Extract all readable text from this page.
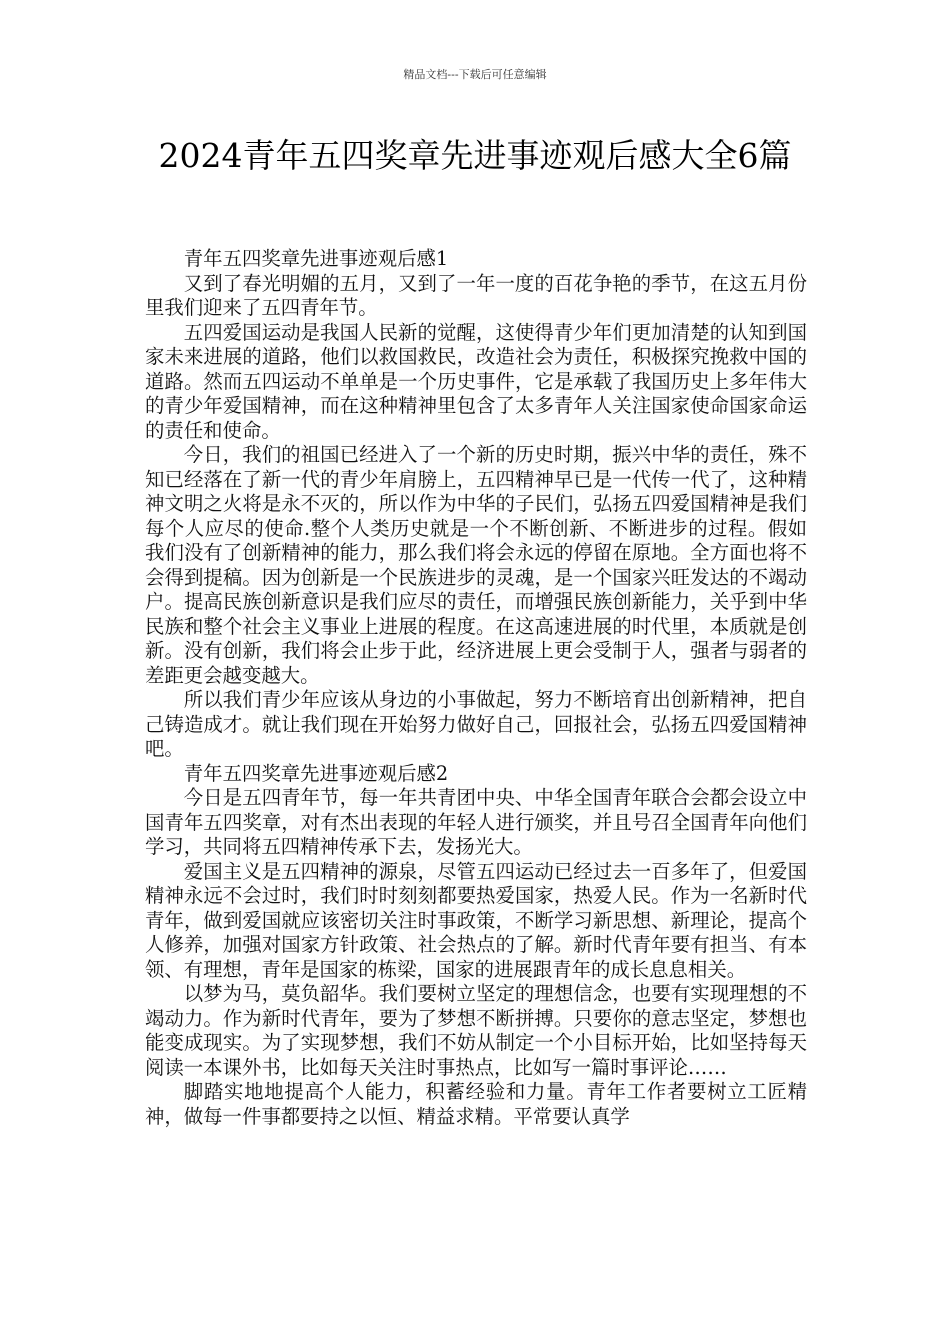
精品文档---下载后可任意编辑
2024青年五四奖章先进事迹观后感大全6篇

青年五四奖章先进事迹观后感1

又到了春光明媚的五月，又到了一年一度的百花争艳的季节，在这五月份里我们迎来了五四青年节。

五四爱国运动是我国人民新的觉醒，这使得青少年们更加清楚的认知到国家未来进展的道路，他们以救国救民，改造社会为责任，积极探究挽救中国的道路。然而五四运动不单单是一个历史事件，它是承载了我国历史上多年伟大的青少年爱国精神，而在这种精神里包含了太多青年人关注国家使命国家命运的责任和使命。

今日，我们的祖国已经进入了一个新的历史时期，振兴中华的责任，殊不知已经落在了新一代的青少年肩膀上，五四精神早已是一代传一代了，这种精神文明之火将是永不灭的，所以作为中华的子民们，弘扬五四爱国精神是我们每个人应尽的使命.整个人类历史就是一个不断创新、不断进步的过程。假如我们没有了创新精神的能力，那么我们将会永远的停留在原地。全方面也将不会得到提稿。因为创新是一个民族进步的灵魂，是一个国家兴旺发达的不竭动户。提高民族创新意识是我们应尽的责任，而增强民族创新能力，关乎到中华民族和整个社会主义事业上进展的程度。在这高速进展的时代里，本质就是创新。没有创新，我们将会止步于此，经济进展上更会受制于人，强者与弱者的差距更会越变越大。

所以我们青少年应该从身边的小事做起，努力不断培育出创新精神，把自己铸造成才。就让我们现在开始努力做好自己，回报社会，弘扬五四爱国精神吧。

青年五四奖章先进事迹观后感2

今日是五四青年节，每一年共青团中央、中华全国青年联合会都会设立中国青年五四奖章，对有杰出表现的年轻人进行颁奖，并且号召全国青年向他们学习，共同将五四精神传承下去，发扬光大。

爱国主义是五四精神的源泉，尽管五四运动已经过去一百多年了，但爱国精神永远不会过时，我们时时刻刻都要热爱国家，热爱人民。作为一名新时代青年，做到爱国就应该密切关注时事政策，不断学习新思想、新理论，提高个人修养，加强对国家方针政策、社会热点的了解。新时代青年要有担当、有本领、有理想，青年是国家的栋梁，国家的进展跟青年的成长息息相关。

以梦为马，莫负韶华。我们要树立坚定的理想信念，也要有实现理想的不竭动力。作为新时代青年，要为了梦想不断拼搏。只要你的意志坚定，梦想也能变成现实。为了实现梦想，我们不妨从制定一个小目标开始，比如坚持每天阅读一本课外书，比如每天关注时事热点，比如写一篇时事评论……

脚踏实地地提高个人能力，积蓄经验和力量。青年工作者要树立工匠精神，做每一件事都要持之以恒、精益求精。平常要认真学
